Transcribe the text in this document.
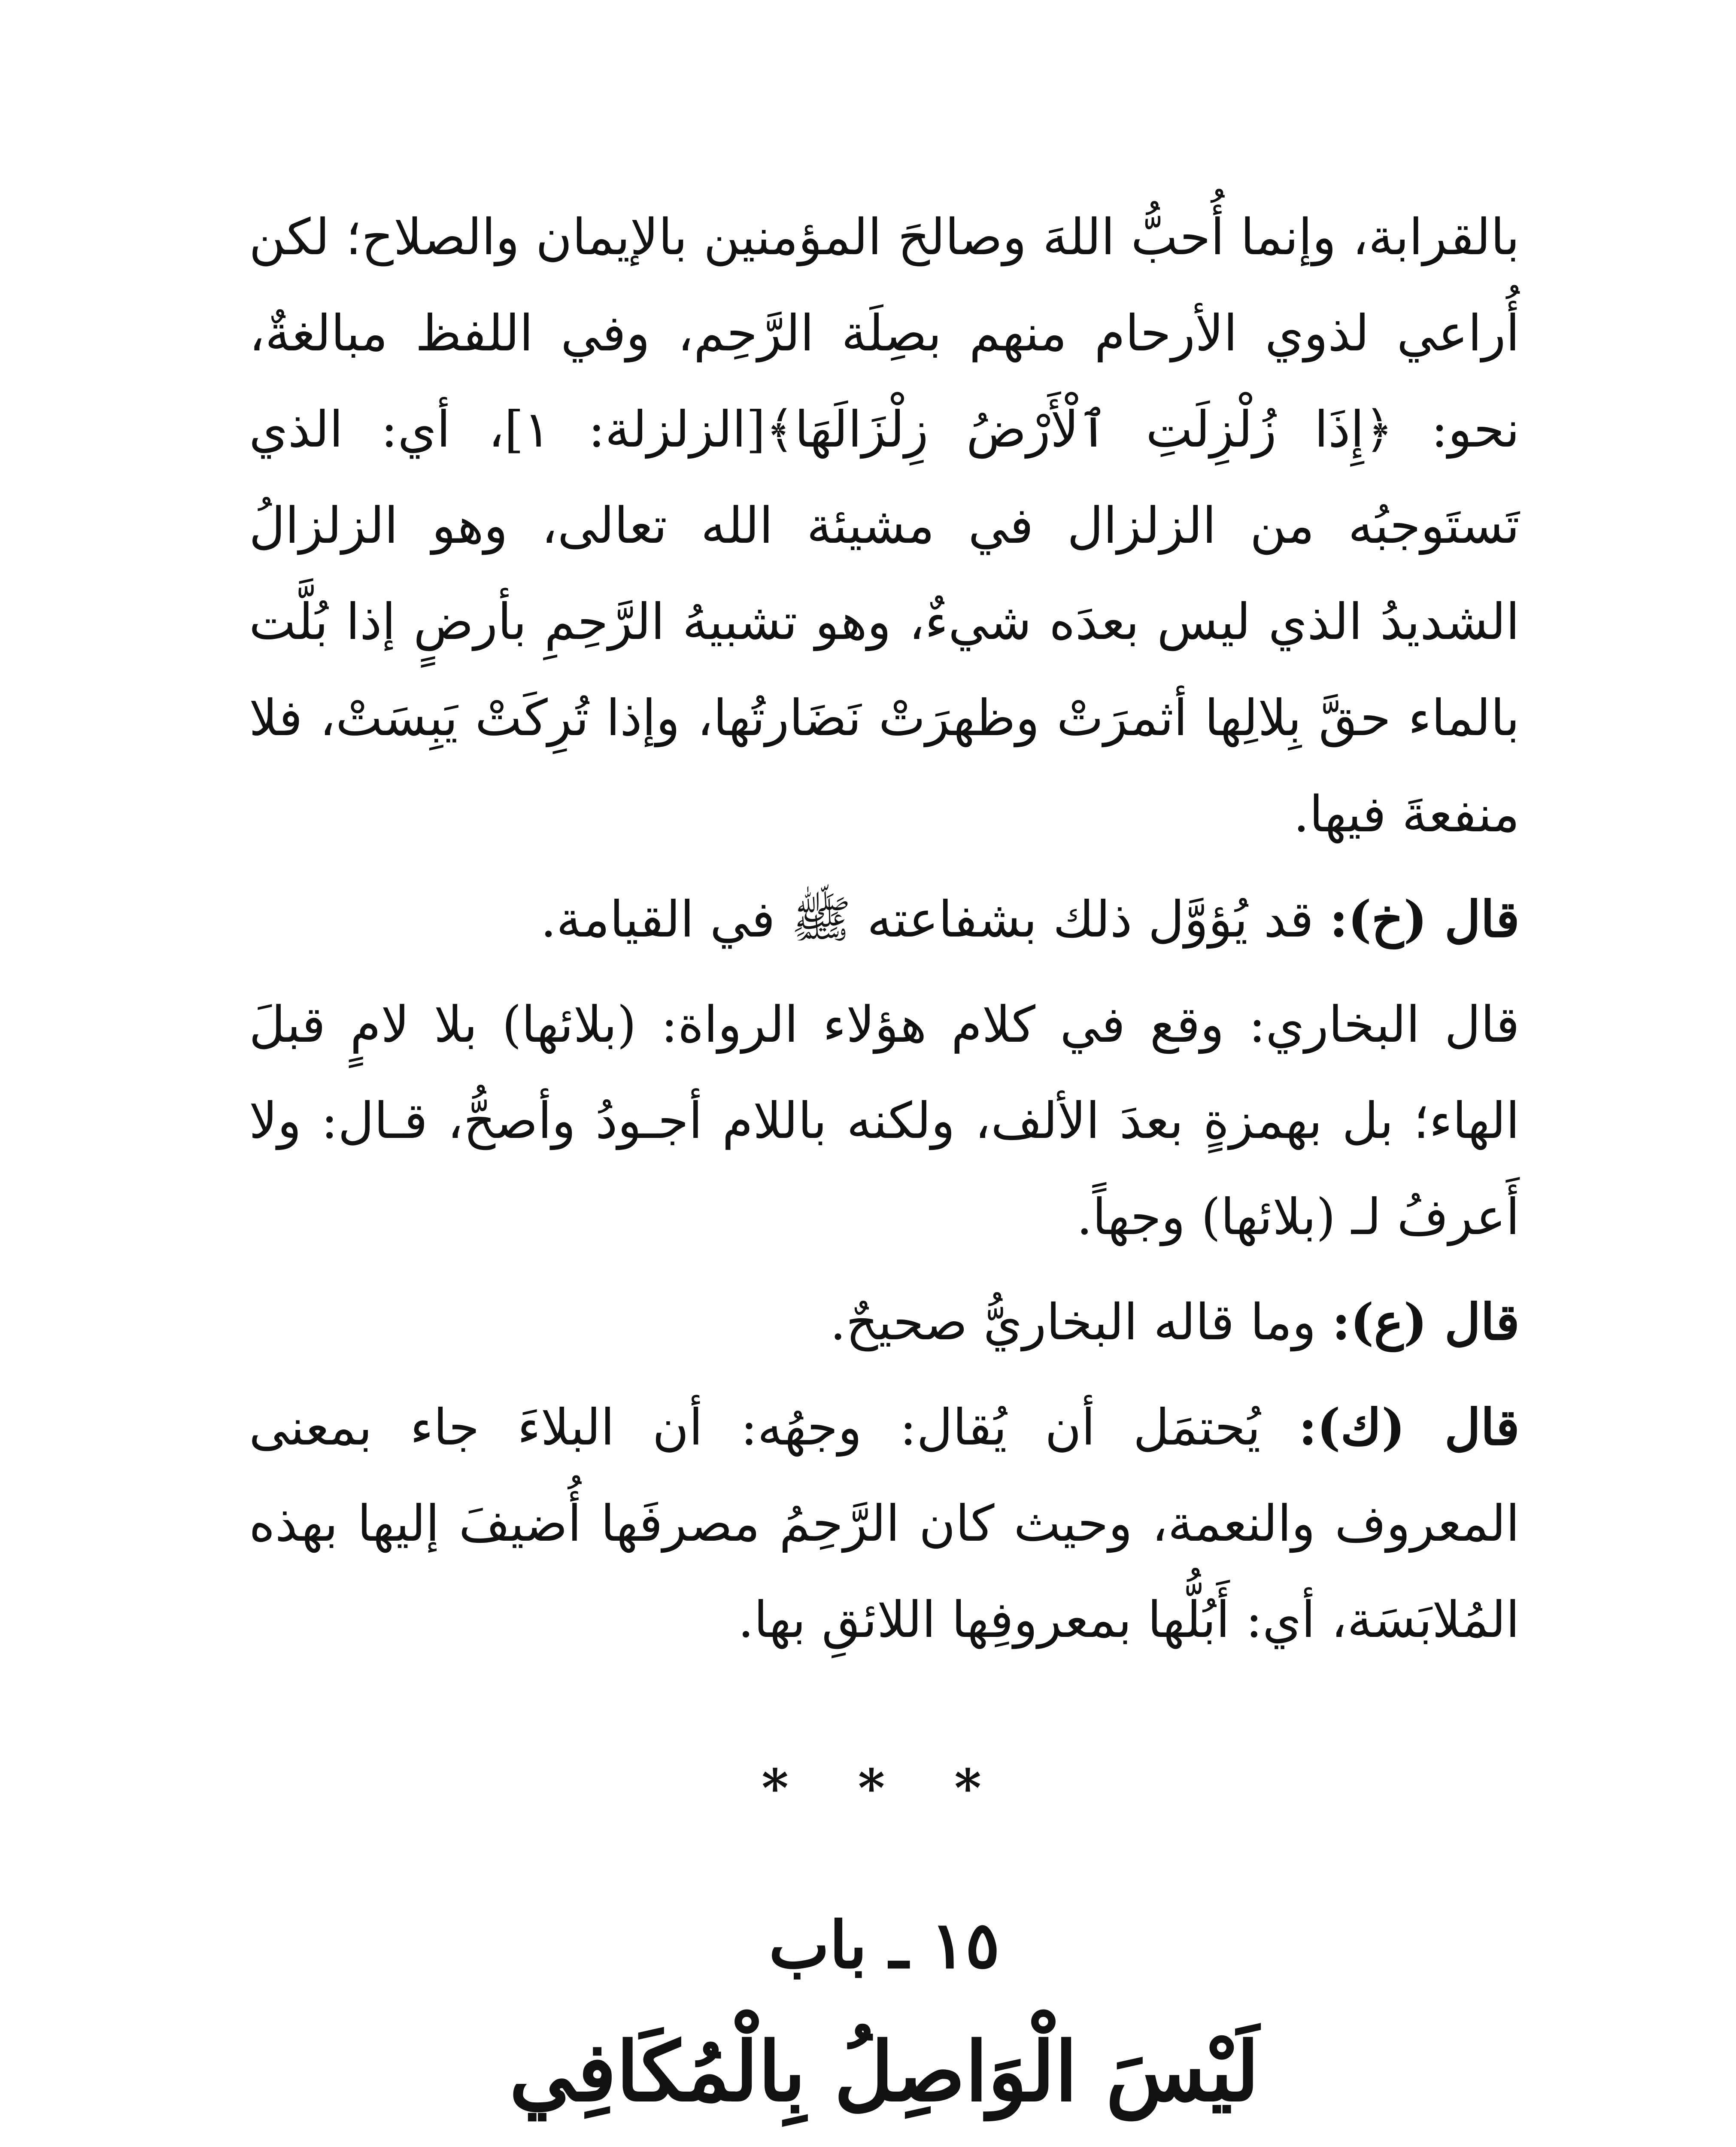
بالقرابة، وإنما أُحبُّ اللهَ وصالحَ المؤمنين بالإيمان والصلاح؛ لكن أُراعي لذوي الأرحام منهم بصِلَة الرَّحِم، وفي اللفظ مبالغةٌ، نحو: ﴿إِذَا زُلْزِلَتِ ٱلْأَرْضُ زِلْزَالَهَا﴾[الزلزلة: ١]، أي: الذي تَستَوجبُه من الزلزال في مشيئة الله تعالى، وهو الزلزالُ الشديدُ الذي ليس بعدَه شيءٌ، وهو تشبيهُ الرَّحِمِ بأرضٍ إذا بُلَّت بالماء حقَّ بِلالِها أثمرَتْ وظهرَتْ نَضَارتُها، وإذا تُرِكَتْ يَبِسَتْ، فلا منفعةَ فيها.

قال (خ): قد يُؤوَّل ذلك بشفاعته ﷺ في القيامة.

قال البخاري: وقع في كلام هؤلاء الرواة: (بلائها) بلا لامٍ قبلَ الهاء؛ بل بهمزةٍ بعدَ الألف، ولكنه باللام أجـودُ وأصحُّ، قـال: ولا أَعرفُ لـ (بلائها) وجهاً.

قال (ع): وما قاله البخاريُّ صحيحٌ.

قال (ك): يُحتمَل أن يُقال: وجهُه: أن البلاءَ جاء بمعنى المعروف والنعمة، وحيث كان الرَّحِمُ مصرفَها أُضيفَ إليها بهذه المُلابَسَة، أي: أَبُلُّها بمعروفِها اللائقِ بها.

* * *
١٥ ـ باب
لَيْسَ الْوَاصِلُ بِالْمُكَافِي
